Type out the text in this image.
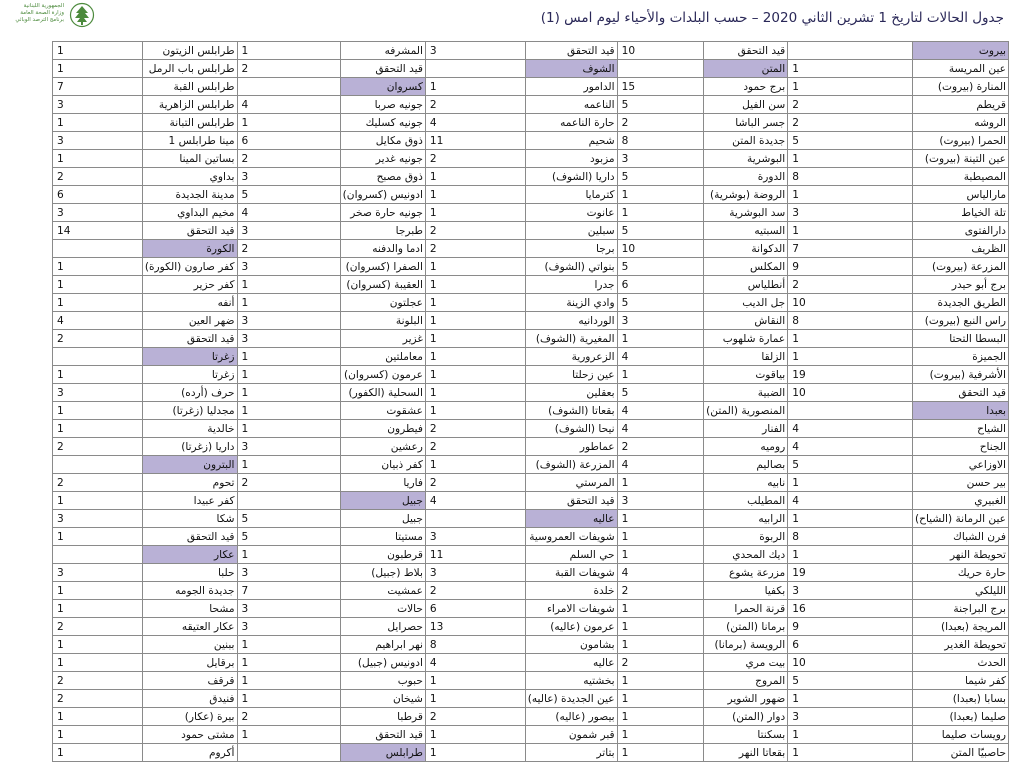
الجمهورية اللبنانية
وزارة الصحة العامة
برنامج الترصد الوبائي	جدول الحالات لتاريخ 1 تشرين الثاني 2020 – حسب البلدات والأحياء ليوم امس (1)
بيروت
قيد التحقق
10
قيد التحقق
3
المشرفه
1
طرابلس الزيتون
1
عين المريسة
1
المتن
الشوف
قيد التحقق
2
طرابلس باب الرمل
1
المنارة (بيروت)
1
برج حمود
15
الدامور
1
كسروان
طرابلس القبة
7
قريطم
2
سن الفيل
5
الناعمه
2
جونيه صربا
4
طرابلس الزاهرية
3
الروشه
2
جسر الباشا
2
حارة الناعمه
4
جونيه كسليك
1
طرابلس التبانة
1
الحمرا (بيروت)
5
جديدة المتن
8
شحيم
11
ذوق مكايل
6
مينا طرابلس 1
3
عين التينة (بيروت)
1
البوشرية
3
مزبود
2
جونيه غدير
2
بساتين المينا
1
المصيطبة
8
الدورة
5
داريا (الشوف)
1
ذوق مصبح
3
بداوي
2
مارالياس
1
الروضة (بوشرية)
1
كترمايا
1
ادونيس (كسروان)
5
مدينة الجديدة
6
تلة الخياط
3
سد البوشرية
1
عانوت
1
جونيه حارة صخر
4
مخيم البداوي
3
دارالفتوى
1
السبتيه
5
سبلين
2
طبرجا
3
قيد التحقق
14
الظريف
7
الدكوانة
10
برجا
2
ادما والدفنه
2
الكورة
المزرعة (بيروت)
9
المكلس
5
بنواتي (الشوف)
1
الصفرا (كسروان)
3
كفر صارون (الكورة)
1
برج أبو حيدر
2
أنطلياس
6
جدرا
1
العقيبة (كسروان)
1
كفر حزير
1
الطريق الجديدة
10
جل الديب
5
وادي الزينة
1
عجلتون
1
أنفه
1
راس النبع (بيروت)
8
النقاش
3
الوردانيه
1
البلونة
3
ضهر العين
4
البسطا التحتا
1
عمارة شلهوب
1
المغيرية (الشوف)
1
غزير
3
قيد التحقق
2
الجميزة
1
الزلقا
4
الزعرورية
1
معاملتين
1
زغرتا
الأشرفية (بيروت)
19
بياقوت
1
عين زحلتا
1
عرمون (كسروان)
1
زغرتا
1
قيد التحقق
10
الضبية
5
بعقلين
1
السحلية (الكفور)
1
حرف (أرده)
3
بعبدا
المنصورية (المتن)
4
بقعاتا (الشوف)
1
عشقوت
1
مجدليا (زغرتا)
1
الشياح
4
الفنار
4
نيحا (الشوف)
2
فيطرون
1
خالدية
1
الجناح
4
روميه
2
عماطور
2
رعشين
3
داريا (زغرتا)
2
الاوزاعي
5
بصاليم
4
المزرعة (الشوف)
1
كفر ذبيان
1
البترون
بير حسن
1
نابيه
1
المرستي
2
فاريا
2
تحوم
2
الغبيري
4
المطيلب
3
قيد التحقق
4
جبيل
كفر عبيدا
1
عين الرمانة (الشياح)
1
الرابيه
1
عاليه
جبيل
5
شكا
3
فرن الشباك
8
الربوة
1
شويفات العمروسية
3
مستيتا
5
قيد التحقق
1
تحويطة النهر
1
ديك المحدي
1
حي السلم
11
قرطبون
1
عكار
حارة حريك
19
مزرعة يشوع
4
شويفات القبة
3
بلاط (جبيل)
3
حلبا
3
الليلكي
3
بكفيا
2
خلدة
2
عمشيت
7
جديدة الجومه
1
برج البراجنة
16
قرنة الحمرا
1
شويفات الامراء
6
حالات
3
مشحا
1
المريجة (بعبدا)
9
برمانا (المتن)
1
عرمون (عاليه)
13
حصرايل
3
عكار العتيقه
2
تحويطة الغدير
6
الرويسة (برمانا)
1
بشامون
8
نهر ابراهيم
1
ببنين
1
الحدث
10
بيت مري
2
عاليه
4
ادونيس (جبيل)
1
برقايل
1
كفر شيما
5
المروج
1
بخشتيه
1
حبوب
1
قرقف
2
بسابا (بعبدا)
1
ضهور الشوير
1
عين الجديدة (عاليه)
1
شيخان
1
فنيدق
2
صليما (بعبدا)
3
دوار (المتن)
1
بيصور (عاليه)
2
قرطبا
2
بيرة (عكار)
1
رويسات صليما
1
بسكنتا
1
قبر شمون
1
قيد التحقق
1
مشتى حمود
1
حاصبيّا المتن
1
بقعاتا النهر
1
بتاتر
1
طرابلس
أكروم
1
